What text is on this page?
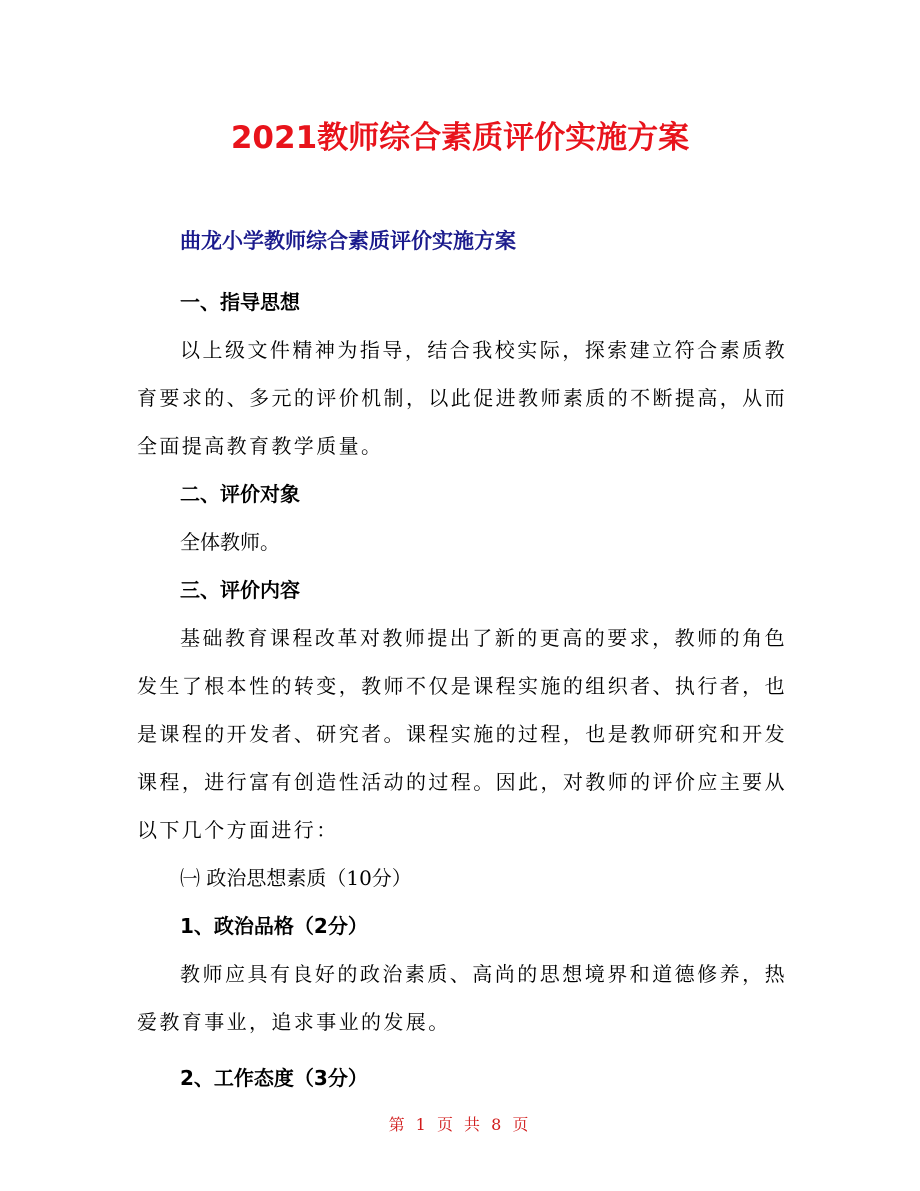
2021教师综合素质评价实施方案
曲龙小学教师综合素质评价实施方案

一、指导思想

以上级文件精神为指导，结合我校实际，探索建立符合素质教育要求的、多元的评价机制，以此促进教师素质的不断提高，从而全面提高教育教学质量。

二、评价对象

全体教师。

三、评价内容

基础教育课程改革对教师提出了新的更高的要求，教师的角色发生了根本性的转变，教师不仅是课程实施的组织者、执行者，也是课程的开发者、研究者。课程实施的过程，也是教师研究和开发课程，进行富有创造性活动的过程。因此，对教师的评价应主要从以下几个方面进行：

㈠ 政治思想素质（10分）

1、政治品格（2分）

教师应具有良好的政治素质、高尚的思想境界和道德修养，热爱教育事业，追求事业的发展。

2、工作态度（3分）

第 1 页 共 8 页
